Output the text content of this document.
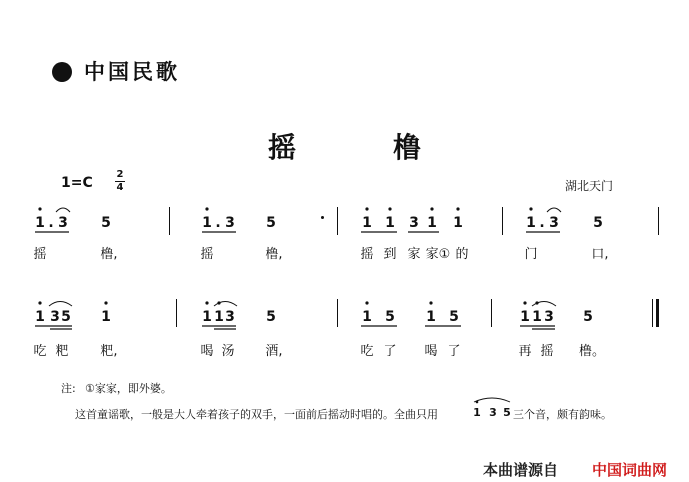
中国民歌
摇	橹
1=C
2
4	湖北天门
1 . 3 5	1 . 3 5	1 1 3 1 1	1 . 3 5
摇	橹,	摇	橹,	摇 到 家 家① 的	门	口,
1 3 5 1	1 1 3 5	1 5 1 5	1 1 3 5
吃 粑 粑,	喝 汤 酒,	吃 了 喝 了	再 摇 橹。
注: ①家家，即外婆。
这首童谣歌，一般是大人牵着孩子的双手，一面前后摇动时唱的。全曲只用	1 3 5 三个音，颇有韵味。
本曲谱源自 中国词曲网
